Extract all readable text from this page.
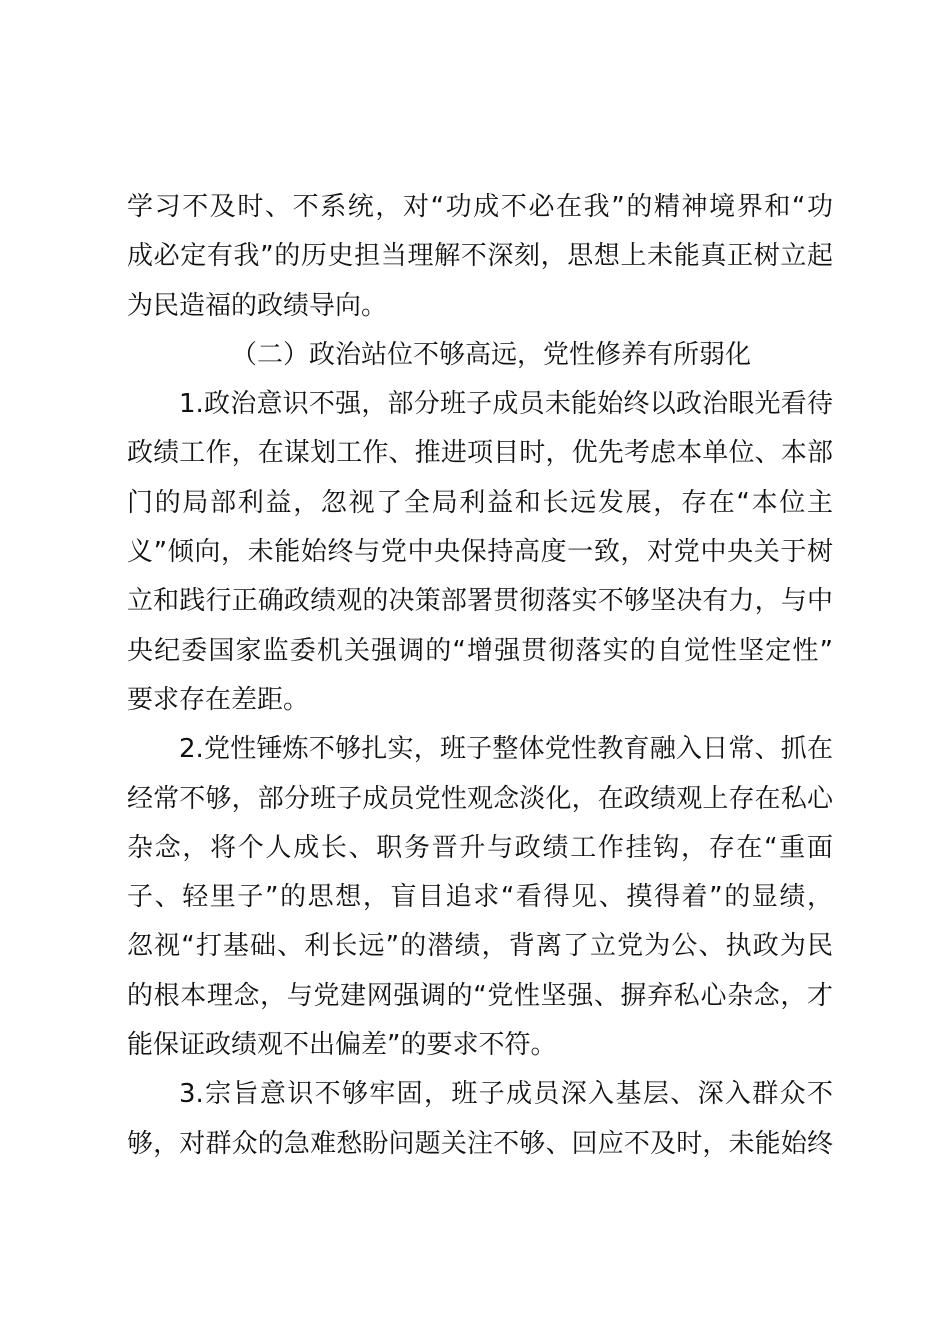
学习不及时、不系统，对“功成不必在我”的精神境界和“功
成必定有我”的历史担当理解不深刻，思想上未能真正树立起
为民造福的政绩导向。
（二）政治站位不够高远，党性修养有所弱化
1.政治意识不强，部分班子成员未能始终以政治眼光看待
政绩工作，在谋划工作、推进项目时，优先考虑本单位、本部
门的局部利益，忽视了全局利益和长远发展，存在“本位主
义”倾向，未能始终与党中央保持高度一致，对党中央关于树
立和践行正确政绩观的决策部署贯彻落实不够坚决有力，与中
央纪委国家监委机关强调的“增强贯彻落实的自觉性坚定性”
要求存在差距。
2.党性锤炼不够扎实，班子整体党性教育融入日常、抓在
经常不够，部分班子成员党性观念淡化，在政绩观上存在私心
杂念，将个人成长、职务晋升与政绩工作挂钩，存在“重面
子、轻里子”的思想，盲目追求“看得见、摸得着”的显绩，
忽视“打基础、利长远”的潜绩，背离了立党为公、执政为民
的根本理念，与党建网强调的“党性坚强、摒弃私心杂念，才
能保证政绩观不出偏差”的要求不符。
3.宗旨意识不够牢固，班子成员深入基层、深入群众不
够，对群众的急难愁盼问题关注不够、回应不及时，未能始终
